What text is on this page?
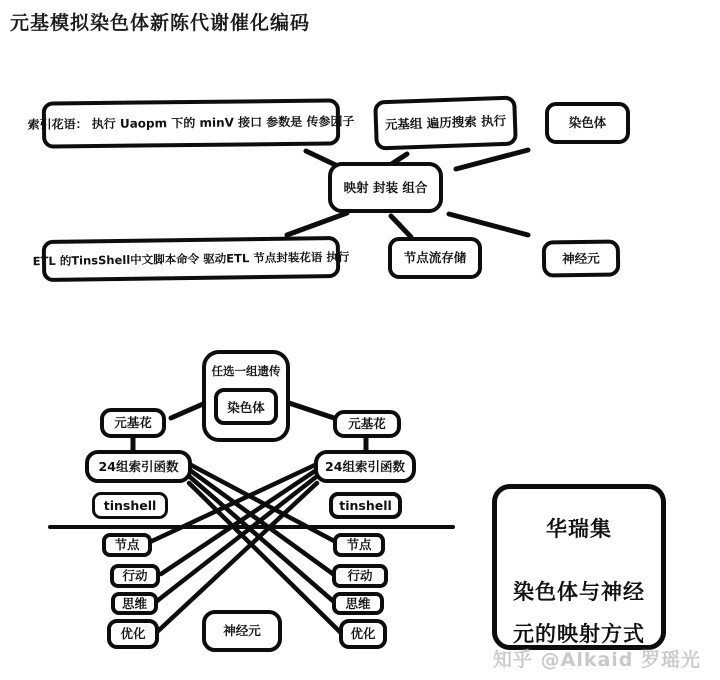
元基模拟染色体新陈代谢催化编码
索引花语： 执行 Uaopm 下的 minV 接口 参数是 传参因子	元基组 遍历搜索 执行	染色体
映射 封装 组合
ETL 的TinsShell中文脚本命令 驱动ETL 节点封装花语 执行	节点流存储	神经元
任选一组遗传
染色体
元基花	元基花
24组索引函数	24组索引函数
tinshell	tinshell
节点
行动
思维
优化
节点
行动
思维
优化
神经元
华瑞集
染色体与神经
元的映射方式
知乎 @Alkaid 罗瑶光
